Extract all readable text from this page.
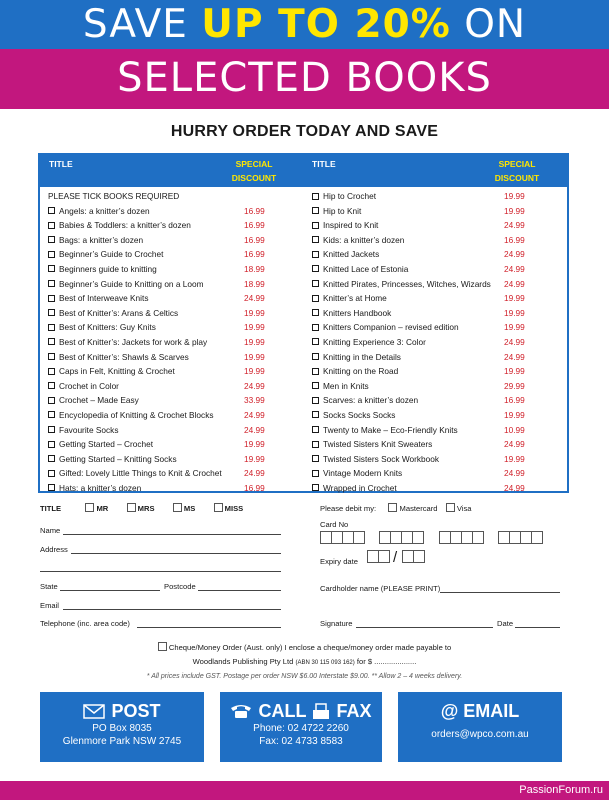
SAVE UP TO 20% ON
SELECTED BOOKS
HURRY ORDER TODAY AND SAVE
TITLE	SPECIAL
DISCOUNT
TITLE	SPECIAL
DISCOUNT
PLEASE TICK BOOKS REQUIRED
Angels: a knitter’s dozen	16.99
Babies & Toddlers: a knitter’s dozen	16.99
Bags: a knitter’s dozen	16.99
Beginner’s Guide to Crochet	16.99
Beginners guide to knitting	18.99
Beginner’s Guide to Knitting on a Loom	18.99
Best of Interweave Knits	24.99
Best of Knitter’s: Arans & Celtics	19.99
Best of Knitters: Guy Knits	19.99
Best of Knitter’s: Jackets for work & play	19.99
Best of Knitter’s: Shawls & Scarves	19.99
Caps in Felt, Knitting & Crochet	19.99
Crochet in Color	24.99
Crochet – Made Easy	33.99
Encyclopedia of Knitting & Crochet Blocks	24.99
Favourite Socks	24.99
Getting Started – Crochet	19.99
Getting Started – Knitting Socks	19.99
Gifted: Lovely Little Things to Knit & Crochet	24.99
Hats: a knitter’s dozen	16.99
Hip to Crochet	19.99
Hip to Knit	19.99
Inspired to Knit	24.99
Kids: a knitter’s dozen	16.99
Knitted Jackets	24.99
Knitted Lace of Estonia	24.99
Knitted Pirates, Princesses, Witches, Wizards 24.99
Knitter’s at Home	19.99
Knitters Handbook	19.99
Knitters Companion – revised edition	19.99
Knitting Experience 3: Color	24.99
Knitting in the Details	24.99
Knitting on the Road	19.99
Men in Knits	29.99
Scarves: a knitter’s dozen	16.99
Socks Socks Socks	19.99
Twenty to Make – Eco-Friendly Knits	10.99
Twisted Sisters Knit Sweaters	24.99
Twisted Sisters Sock Workbook	19.99
Vintage Modern Knits	24.99
Wrapped in Crochet	24.99
TITLE	MR	MRS	MS	MISS
Name
Address
State	Postcode
Email
Telephone (inc. area code)
Please debit my:	Mastercard	Visa
Card No
Expiry date /
Cardholder name (PLEASE PRINT)
Signature	Date
Cheque/Money Order (Aust. only) I enclose a cheque/money order made payable to
Woodlands Publishing Pty Ltd (ABN 30 115 093 162) for $ ....................
* All prices include GST. Postage per order NSW $6.00 Interstate $9.00. ** Allow 2 – 4 weeks delivery.
POST
PO Box 8035
Glenmore Park NSW 2745
CALL FAX
Phone: 02 4722 2260
Fax: 02 4733 8583
@ EMAIL
orders@wpco.com.au
PassionForum.ru
